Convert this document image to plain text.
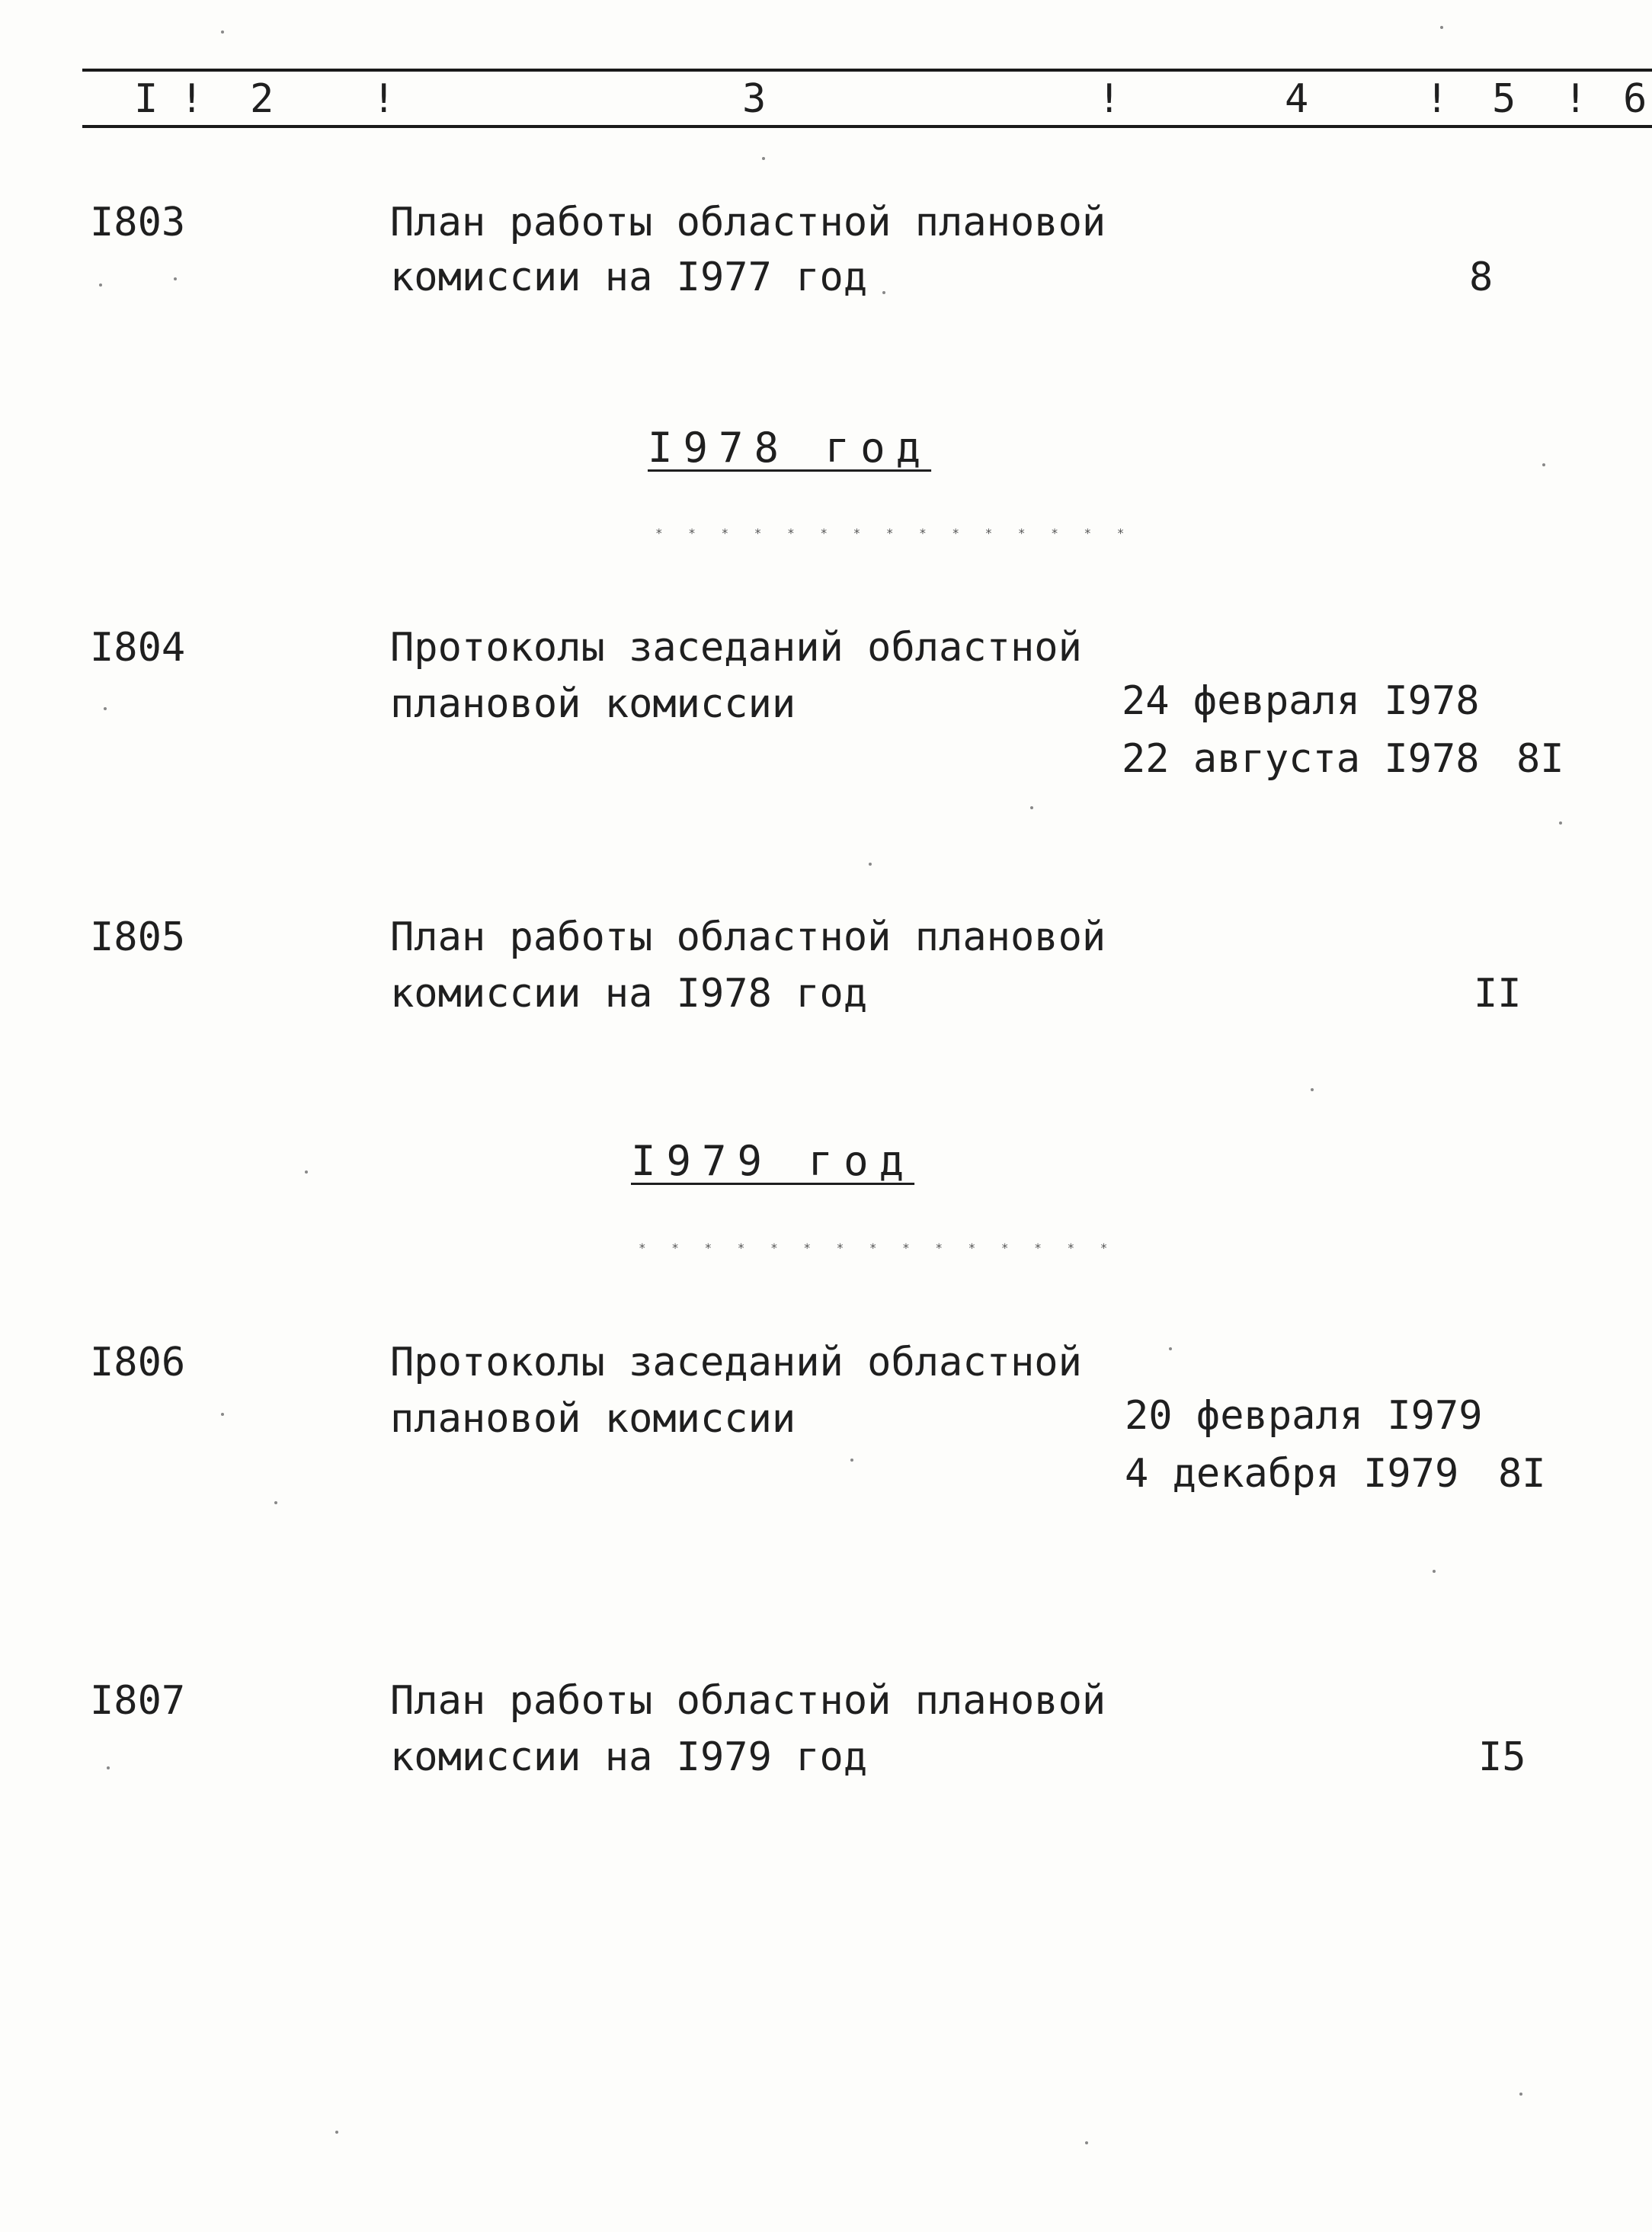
I ! 2 !	3	!	4	! 5 ! 6
I803	План работы областной плановой
комиссии на I977 год	8
I978 год
* * * * * * * * * * * * * * *
I804	Протоколы заседаний областной
плановой комиссии	24 февраля I978
22 августа I978 8I
I805	План работы областной плановой
комиссии на I978 год	II
I979 год
* * * * * * * * * * * * * * *
I806	Протоколы заседаний областной
плановой комиссии	20 февраля I979
4 декабря I979 8I
I807	План работы областной плановой
комиссии на I979 год	I5
